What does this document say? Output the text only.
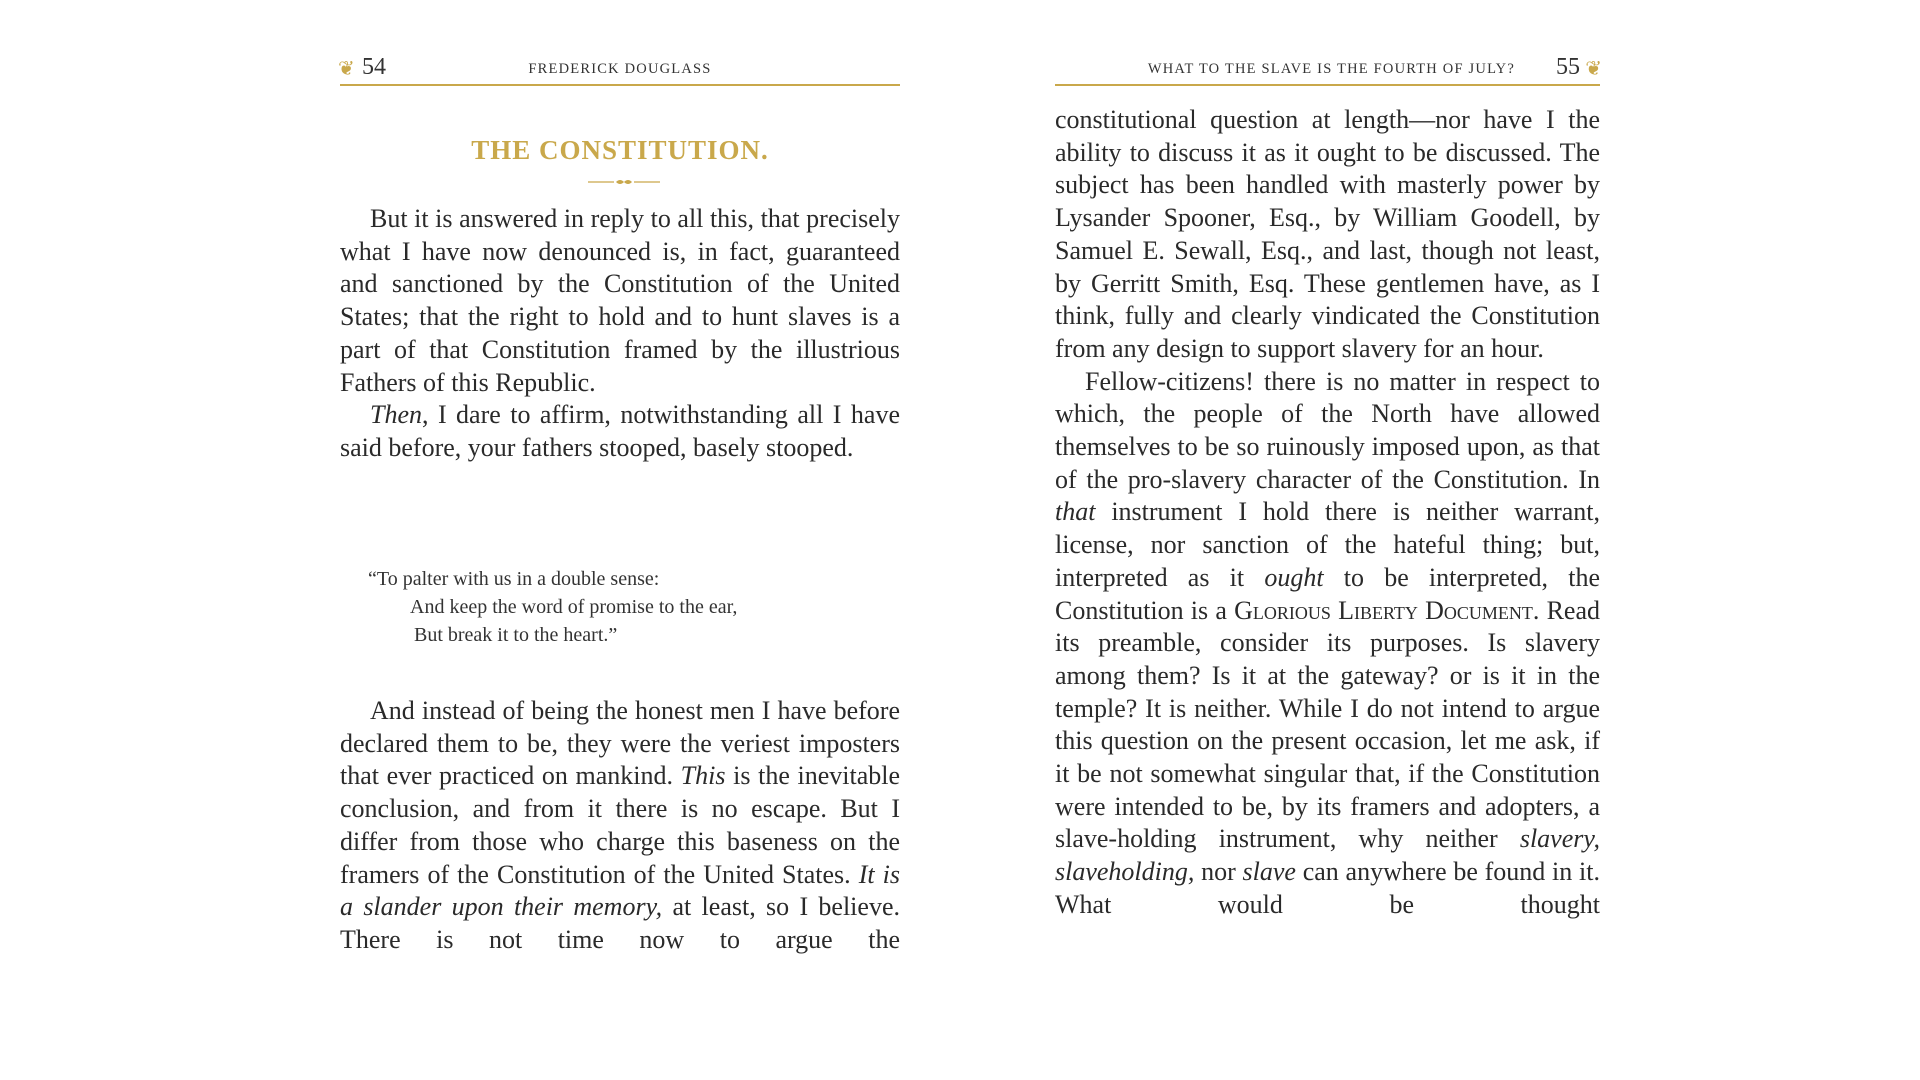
❦ 54	FREDERICK DOUGLASS
THE CONSTITUTION.

But it is answered in reply to all this, that precisely what I have now denounced is, in fact, guaranteed and sanctioned by the Constitution of the United States; that the right to hold and to hunt slaves is a part of that Constitution framed by the illustrious Fathers of this Republic.

Then, I dare to affirm, notwithstanding all I have said before, your fathers stooped, basely stooped.

“To palter with us in a double sense:
And keep the word of promise to the ear,
But break it to the heart.”

And instead of being the honest men I have before declared them to be, they were the veriest imposters that ever practiced on mankind. This is the inevitable conclusion, and from it there is no escape. But I differ from those who charge this baseness on the framers of the Constitution of the United States. It is a slander upon their memory, at least, so I believe. There is not time now to argue the

WHAT TO THE SLAVE IS THE FOURTH OF JULY? 55 ❦

constitutional question at length—nor have I the ability to discuss it as it ought to be discussed. The subject has been handled with masterly power by Lysander Spooner, Esq., by William Goodell, by Samuel E. Sewall, Esq., and last, though not least, by Gerritt Smith, Esq. These gentlemen have, as I think, fully and clearly vindicated the Constitution from any design to support slavery for an hour.

Fellow-citizens! there is no matter in respect to which, the people of the North have allowed themselves to be so ruinously imposed upon, as that of the pro-slavery character of the Constitution. In that instrument I hold there is neither warrant, license, nor sanction of the hateful thing; but, interpreted as it ought to be interpreted, the Constitution is a Glorious Liberty Document. Read its preamble, consider its purposes. Is slavery among them? Is it at the gateway? or is it in the temple? It is neither. While I do not intend to argue this question on the present occasion, let me ask, if it be not somewhat singular that, if the Constitution were intended to be, by its framers and adopters, a slave-holding instrument, why neither slavery, slaveholding, nor slave can anywhere be found in it. What would be thought
